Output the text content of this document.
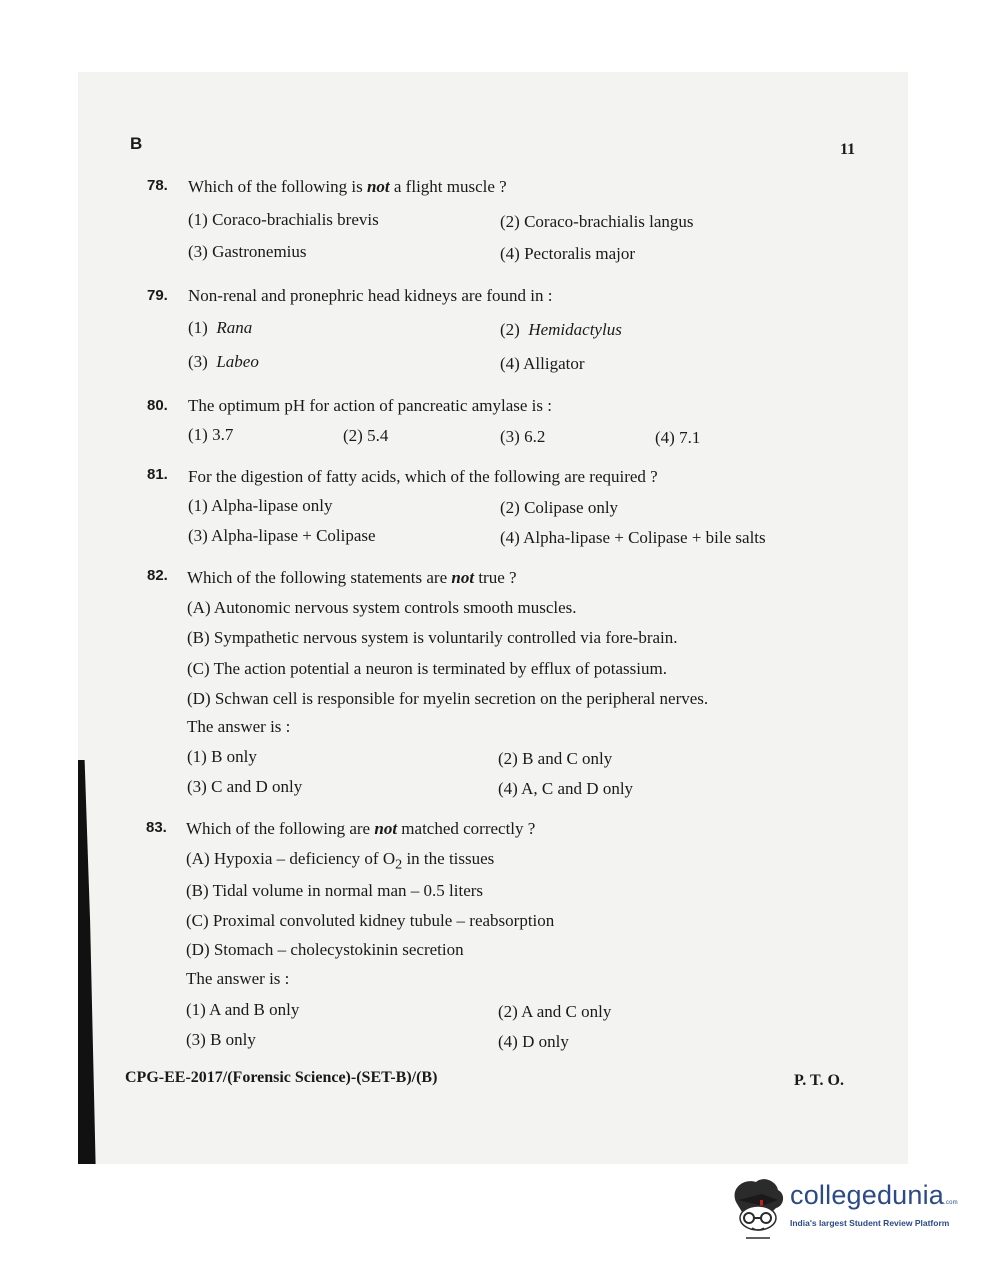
B	11
78. Which of the following is not a flight muscle ?
(1) Coraco-brachialis brevis	(2) Coraco-brachialis langus
(3) Gastronemius	(4) Pectoralis major
79. Non-renal and pronephric head kidneys are found in :
(1) Rana	(2) Hemidactylus
(3) Labeo	(4) Alligator
80. The optimum pH for action of pancreatic amylase is :
(1) 3.7	(2) 5.4	(3) 6.2	(4) 7.1
81. For the digestion of fatty acids, which of the following are required ?
(1) Alpha-lipase only	(2) Colipase only
(3) Alpha-lipase + Colipase	(4) Alpha-lipase + Colipase + bile salts
82. Which of the following statements are not true ?
(A) Autonomic nervous system controls smooth muscles.
(B) Sympathetic nervous system is voluntarily controlled via fore-brain.
(C) The action potential a neuron is terminated by efflux of potassium.
(D) Schwan cell is responsible for myelin secretion on the peripheral nerves.
The answer is :
(1) B only	(2) B and C only
(3) C and D only	(4) A, C and D only
83. Which of the following are not matched correctly ?
(A) Hypoxia – deficiency of $O_2$ in the tissues
(B) Tidal volume in normal man – 0.5 liters
(C) Proximal convoluted kidney tubule – reabsorption
(D) Stomach – cholecystokinin secretion
The answer is :
(1) A and B only	(2) A and C only
(3) B only	(4) D only
CPG-EE-2017/(Forensic Science)-(SET-B)/(B)	P. T. O.
collegedunia.com
India's largest Student Review Platform
